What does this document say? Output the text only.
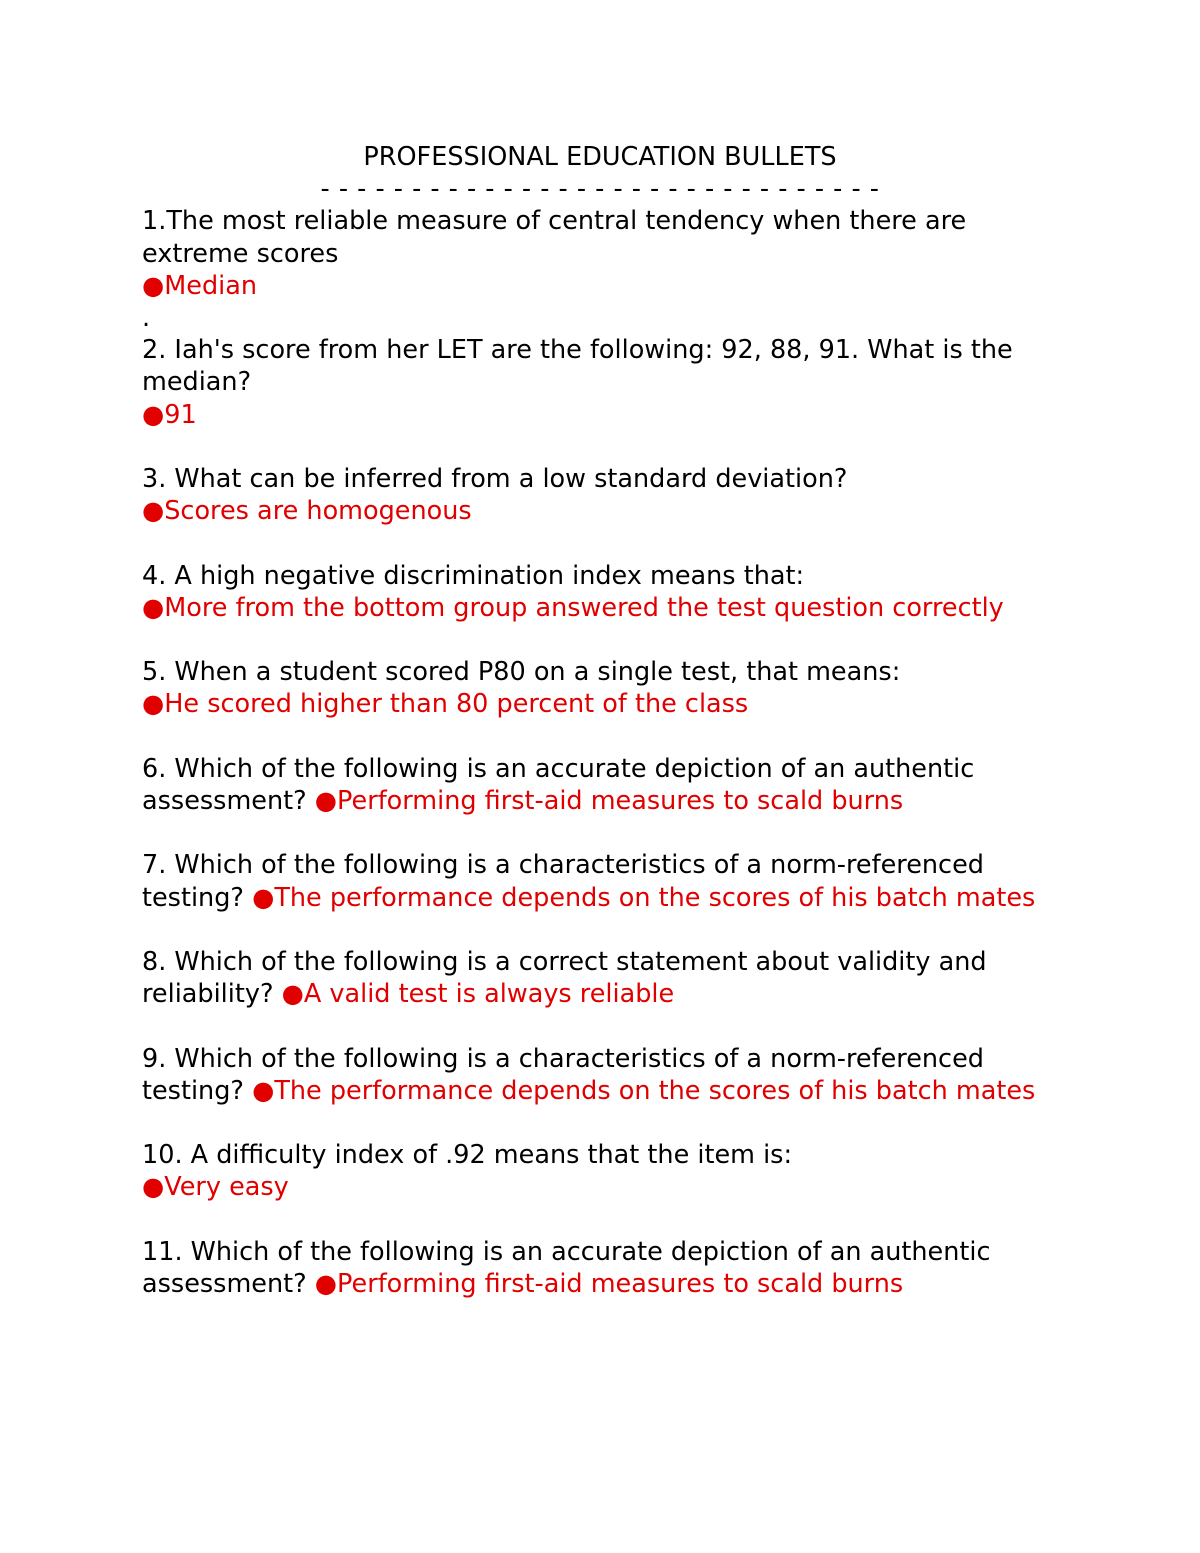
PROFESSIONAL EDUCATION BULLETS

- - - - - - - - - - - - - - - - - - - - - - - - - - - - - - -

1.The most reliable measure of central tendency when there are extreme scores

●Median

.

2. Iah's score from her LET are the following: 92, 88, 91. What is the median?

●91

3. What can be inferred from a low standard deviation?

●Scores are homogenous

4. A high negative discrimination index means that:

●More from the bottom group answered the test question correctly

5. When a student scored P80 on a single test, that means:

●He scored higher than 80 percent of the class

6. Which of the following is an accurate depiction of an authentic assessment? ●Performing first-aid measures to scald burns

7. Which of the following is a characteristics of a norm-referenced testing? ●The performance depends on the scores of his batch mates

8. Which of the following is a correct statement about validity and reliability? ●A valid test is always reliable

9. Which of the following is a characteristics of a norm-referenced testing? ●The performance depends on the scores of his batch mates

10. A difficulty index of .92 means that the item is:

●Very easy

11. Which of the following is an accurate depiction of an authentic assessment? ●Performing first-aid measures to scald burns
